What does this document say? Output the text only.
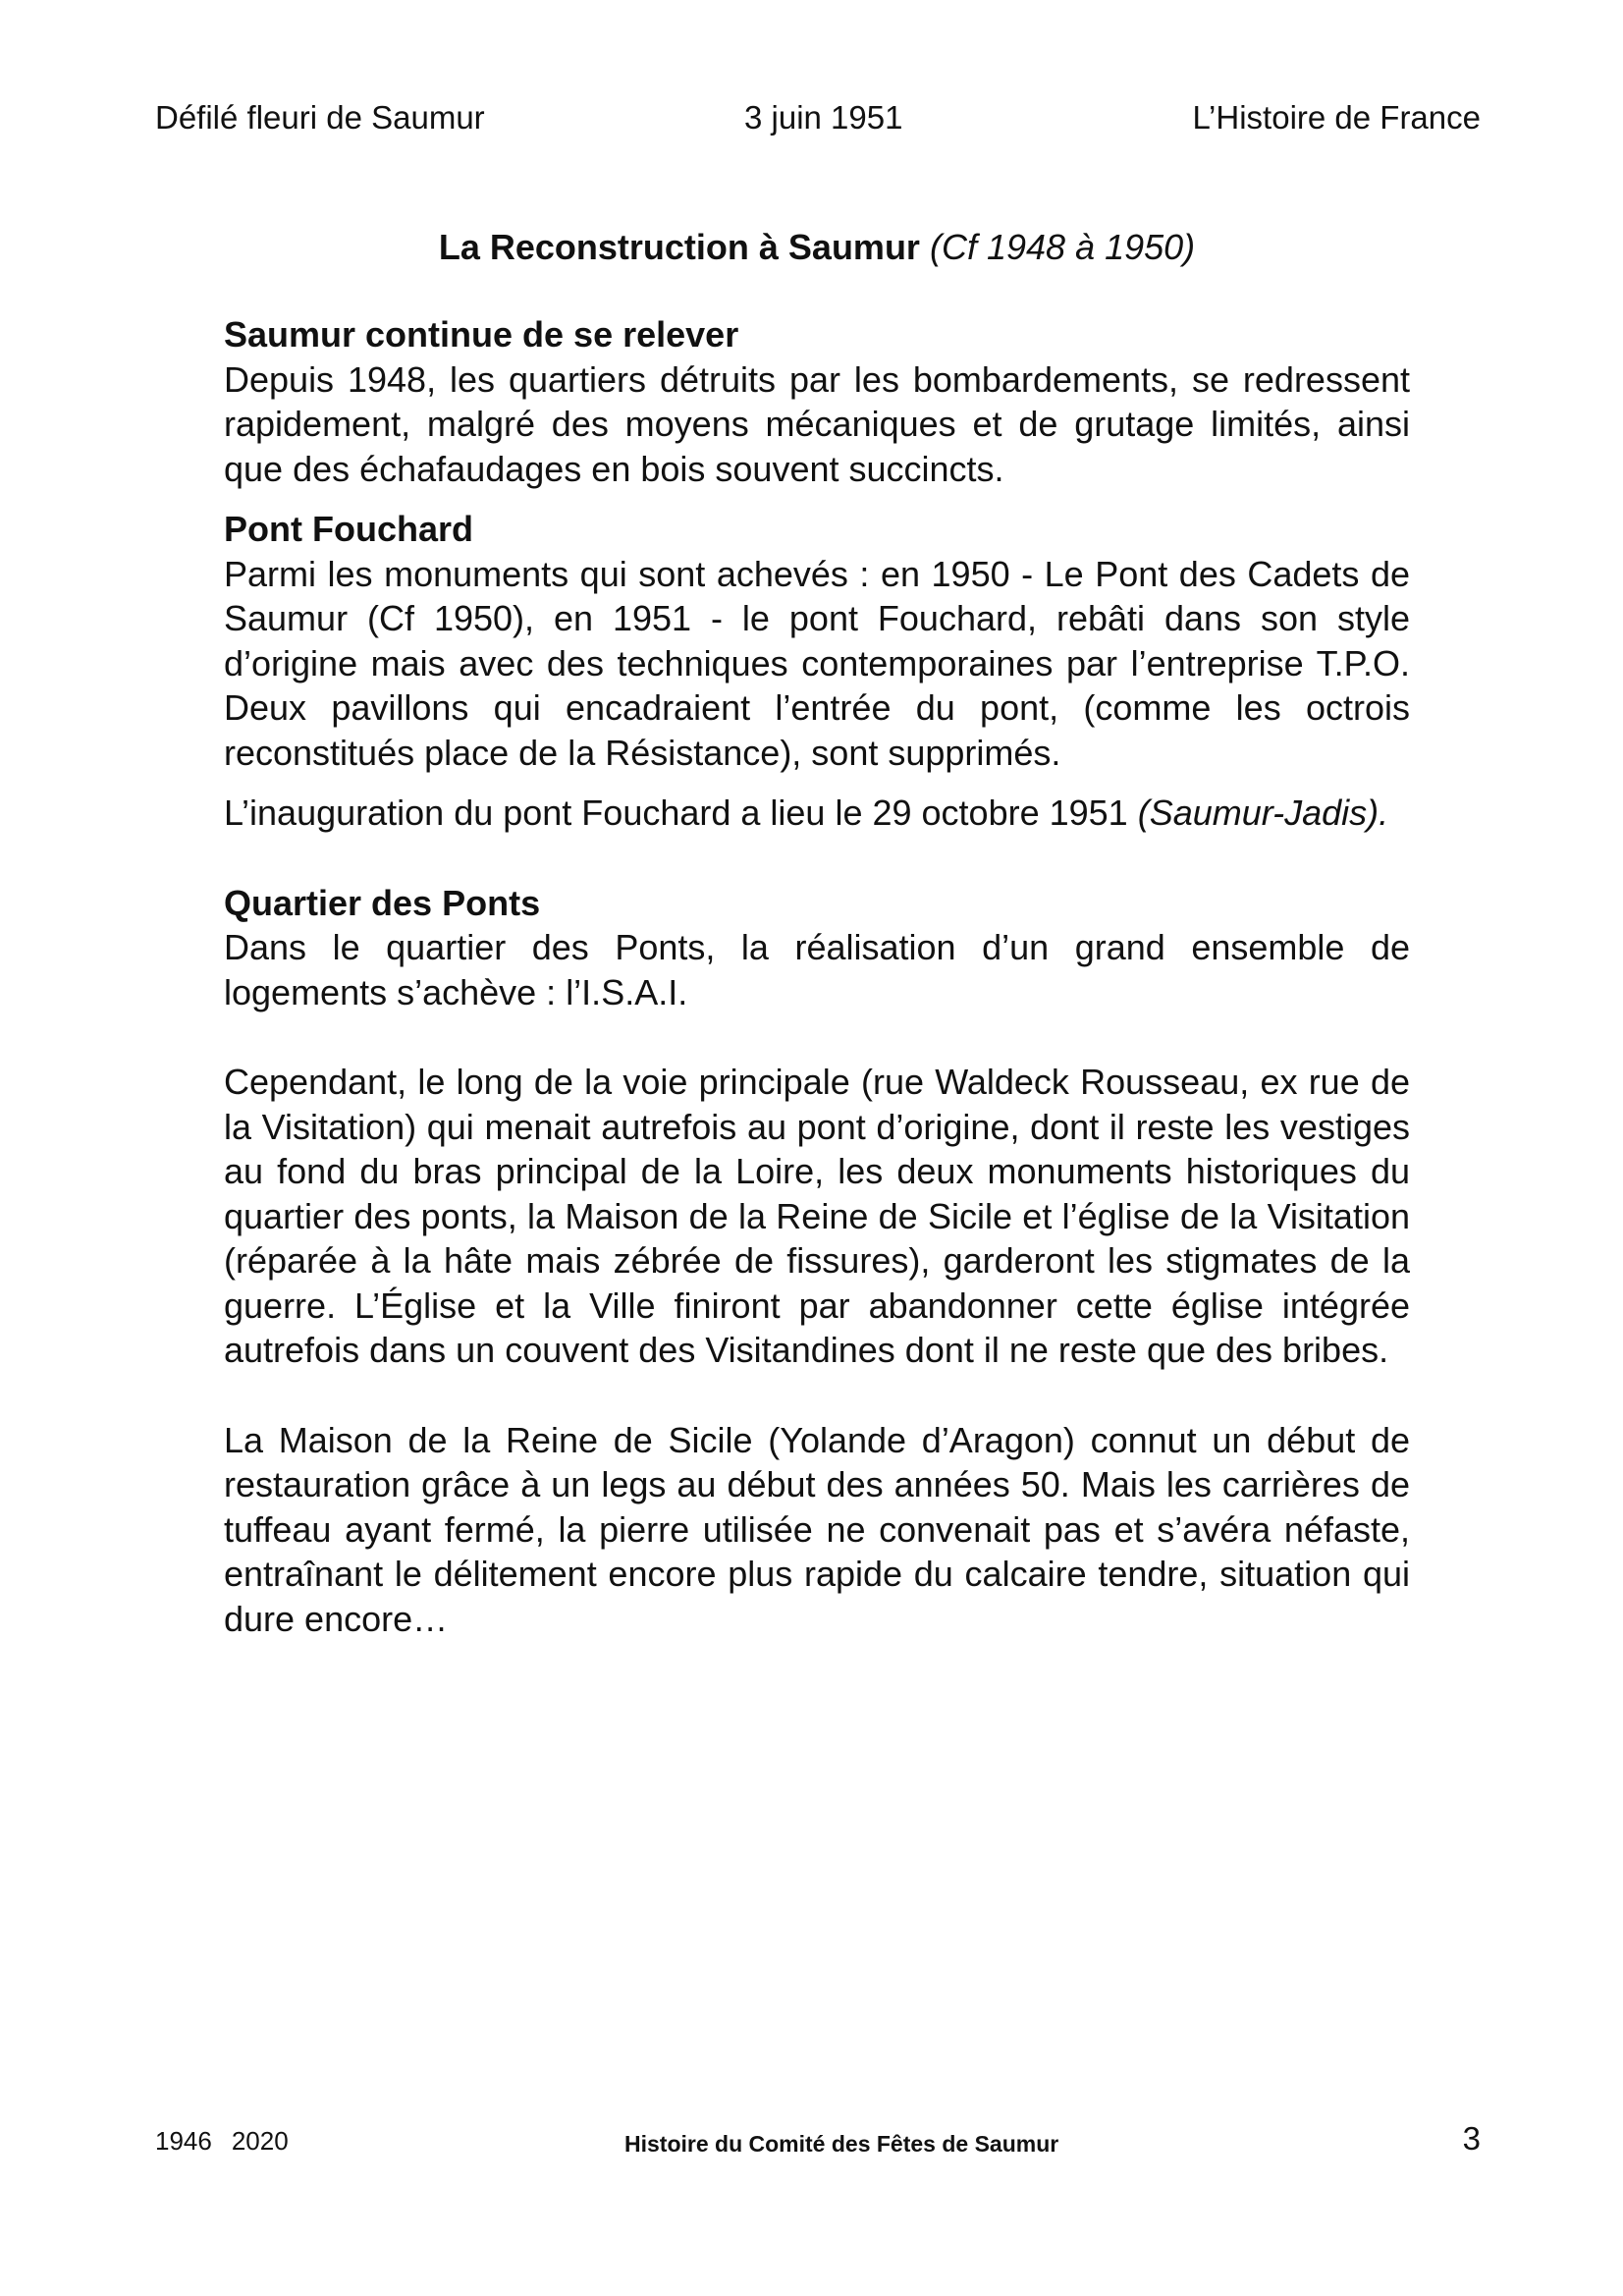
Défilé fleuri de Saumur	3 juin 1951	L’Histoire de France
La Reconstruction à Saumur (Cf 1948 à 1950)
Saumur continue de se relever

Depuis 1948, les quartiers détruits par les bombardements, se redressent rapidement, malgré des moyens mécaniques et de grutage limités, ainsi que des échafaudages en bois souvent succincts.

Pont Fouchard

Parmi les monuments qui sont achevés : en 1950 - Le Pont des Cadets de Saumur (Cf 1950), en 1951 - le pont Fouchard, rebâti dans son style d’origine mais avec des techniques contemporaines par l’entreprise T.P.O. Deux pavillons qui encadraient l’entrée du pont, (comme les octrois reconstitués place de la Résistance), sont supprimés.

L’inauguration du pont Fouchard a lieu le 29 octobre 1951 (Saumur-Jadis).

Quartier des Ponts

Dans le quartier des Ponts, la réalisation d’un grand ensemble de logements s’achève : l’I.S.A.I.

Cependant, le long de la voie principale (rue Waldeck Rousseau, ex rue de la Visitation) qui menait autrefois au pont d’origine, dont il reste les vestiges au fond du bras principal de la Loire, les deux monuments historiques du quartier des ponts, la Maison de la Reine de Sicile et l’église de la Visitation (réparée à la hâte mais zébrée de fissures), garderont les stigmates de la guerre. L’Église et la Ville finiront par abandonner cette église intégrée autrefois dans un couvent des Visitandines dont il ne reste que des bribes.

La Maison de la Reine de Sicile (Yolande d’Aragon) connut un début de restauration grâce à un legs au début des années 50. Mais les carrières de tuffeau ayant fermé, la pierre utilisée ne convenait pas et s’avéra néfaste, entraînant le délitement encore plus rapide du calcaire tendre, situation qui dure encore…

1946 2020	Histoire du Comité des Fêtes de Saumur	3
